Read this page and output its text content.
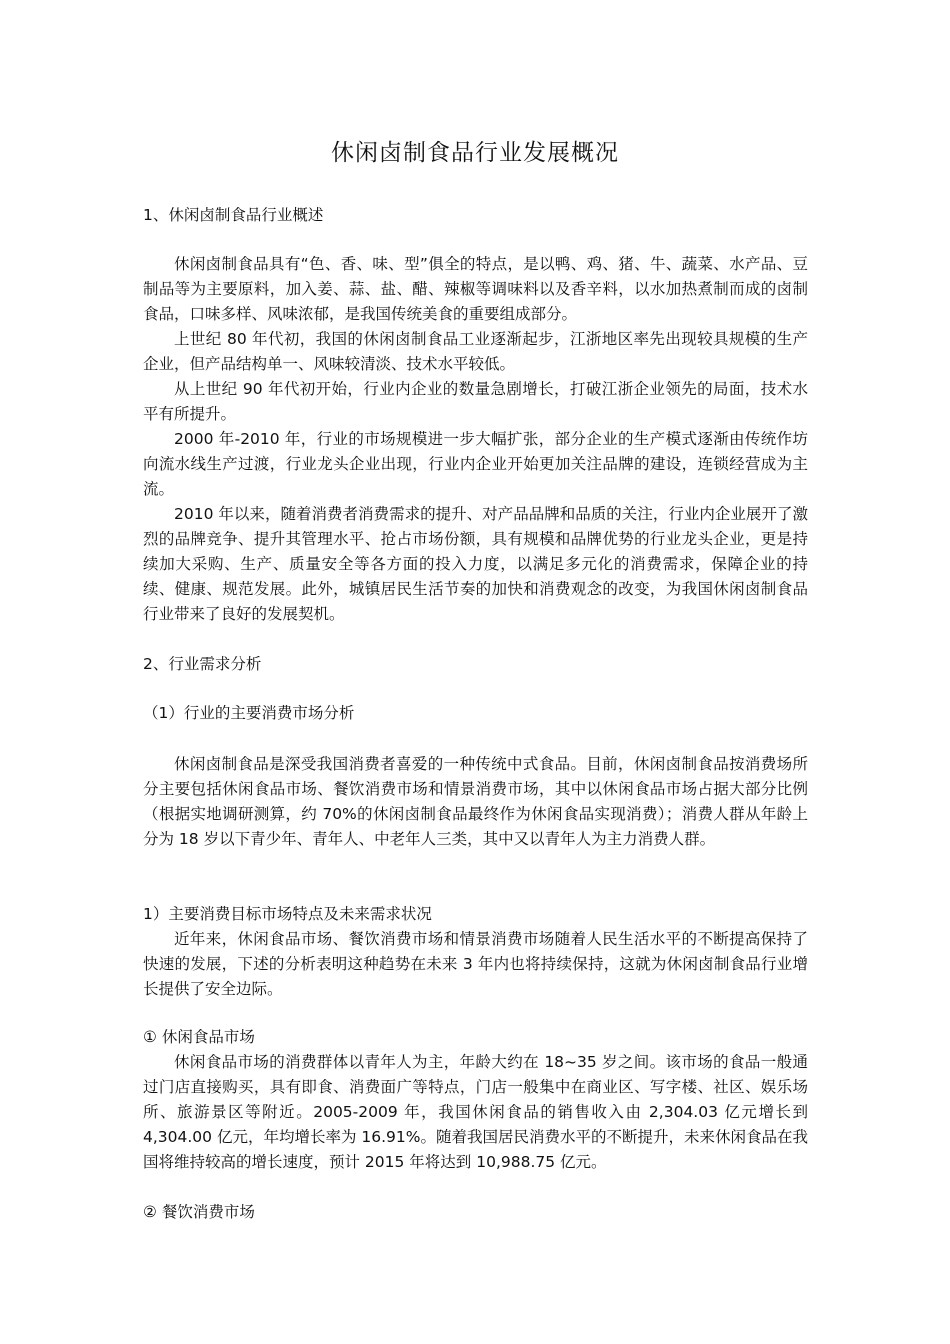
休闲卤制食品行业发展概况
1、休闲卤制食品行业概述

休闲卤制食品具有“色、香、味、型”俱全的特点，是以鸭、鸡、猪、牛、蔬菜、水产品、豆制品等为主要原料，加入姜、蒜、盐、醋、辣椒等调味料以及香辛料，以水加热煮制而成的卤制食品，口味多样、风味浓郁，是我国传统美食的重要组成部分。

上世纪 80 年代初，我国的休闲卤制食品工业逐渐起步，江浙地区率先出现较具规模的生产企业，但产品结构单一、风味较清淡、技术水平较低。

从上世纪 90 年代初开始，行业内企业的数量急剧增长，打破江浙企业领先的局面，技术水平有所提升。

2000 年-2010 年，行业的市场规模进一步大幅扩张，部分企业的生产模式逐渐由传统作坊向流水线生产过渡，行业龙头企业出现，行业内企业开始更加关注品牌的建设，连锁经营成为主流。

2010 年以来，随着消费者消费需求的提升、对产品品牌和品质的关注，行业内企业展开了激烈的品牌竞争、提升其管理水平、抢占市场份额，具有规模和品牌优势的行业龙头企业，更是持续加大采购、生产、质量安全等各方面的投入力度，以满足多元化的消费需求，保障企业的持续、健康、规范发展。此外，城镇居民生活节奏的加快和消费观念的改变，为我国休闲卤制食品行业带来了良好的发展契机。

2、行业需求分析
（1）行业的主要消费市场分析

休闲卤制食品是深受我国消费者喜爱的一种传统中式食品。目前，休闲卤制食品按消费场所分主要包括休闲食品市场、餐饮消费市场和情景消费市场，其中以休闲食品市场占据大部分比例（根据实地调研测算，约 70%的休闲卤制食品最终作为休闲食品实现消费）；消费人群从年龄上分为 18 岁以下青少年、青年人、中老年人三类，其中又以青年人为主力消费人群。

1）主要消费目标市场特点及未来需求状况

近年来，休闲食品市场、餐饮消费市场和情景消费市场随着人民生活水平的不断提高保持了快速的发展，下述的分析表明这种趋势在未来 3 年内也将持续保持，这就为休闲卤制食品行业增长提供了安全边际。

① 休闲食品市场

休闲食品市场的消费群体以青年人为主，年龄大约在 18~35 岁之间。该市场的食品一般通过门店直接购买，具有即食、消费面广等特点，门店一般集中在商业区、写字楼、社区、娱乐场所、旅游景区等附近。2005-2009 年，我国休闲食品的销售收入由 2,304.03 亿元增长到 4,304.00 亿元，年均增长率为 16.91%。随着我国居民消费水平的不断提升，未来休闲食品在我国将维持较高的增长速度，预计 2015 年将达到 10,988.75 亿元。

② 餐饮消费市场
